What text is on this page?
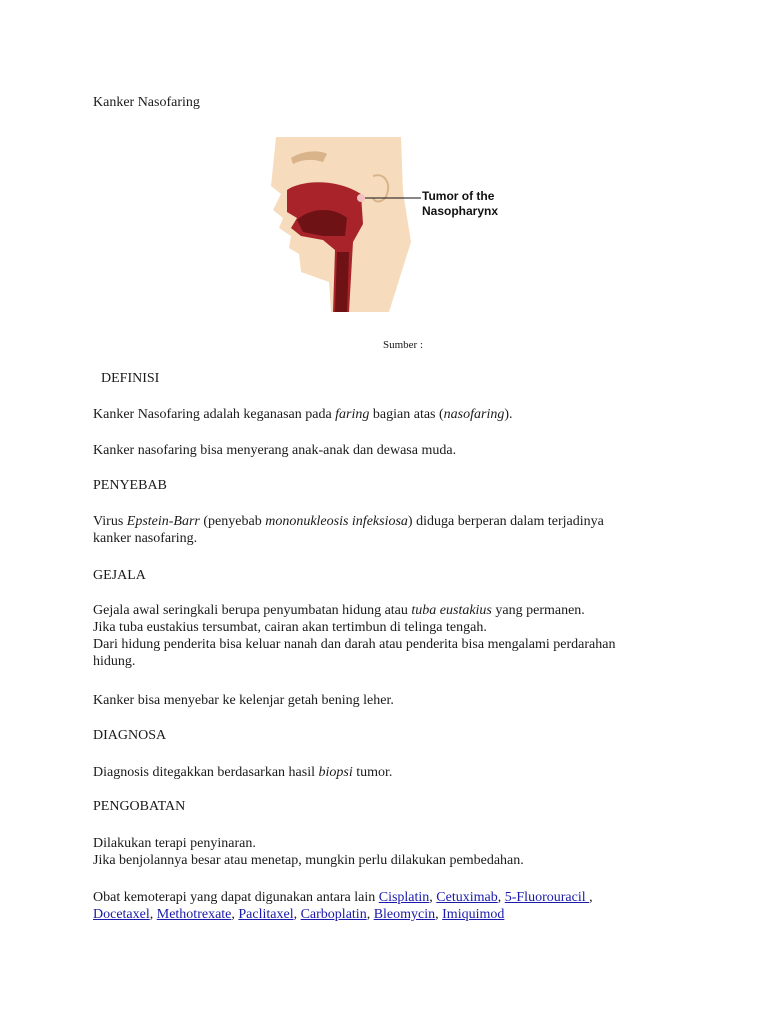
Kanker Nasofaring

Tumor of the
Nasopharynx

Sumber :

DEFINISI

Kanker Nasofaring adalah keganasan pada faring bagian atas (nasofaring).

Kanker nasofaring bisa menyerang anak-anak dan dewasa muda.

PENYEBAB

Virus Epstein-Barr (penyebab mononukleosis infeksiosa) diduga berperan dalam terjadinya
kanker nasofaring.

GEJALA

Gejala awal seringkali berupa penyumbatan hidung atau tuba eustakius yang permanen.
Jika tuba eustakius tersumbat, cairan akan tertimbun di telinga tengah.
Dari hidung penderita bisa keluar nanah dan darah atau penderita bisa mengalami perdarahan
hidung.

Kanker bisa menyebar ke kelenjar getah bening leher.

DIAGNOSA

Diagnosis ditegakkan berdasarkan hasil biopsi tumor.

PENGOBATAN

Dilakukan terapi penyinaran.
Jika benjolannya besar atau menetap, mungkin perlu dilakukan pembedahan.

Obat kemoterapi yang dapat digunakan antara lain Cisplatin, Cetuximab, 5-Fluorouracil ,
Docetaxel, Methotrexate, Paclitaxel, Carboplatin, Bleomycin, Imiquimod
